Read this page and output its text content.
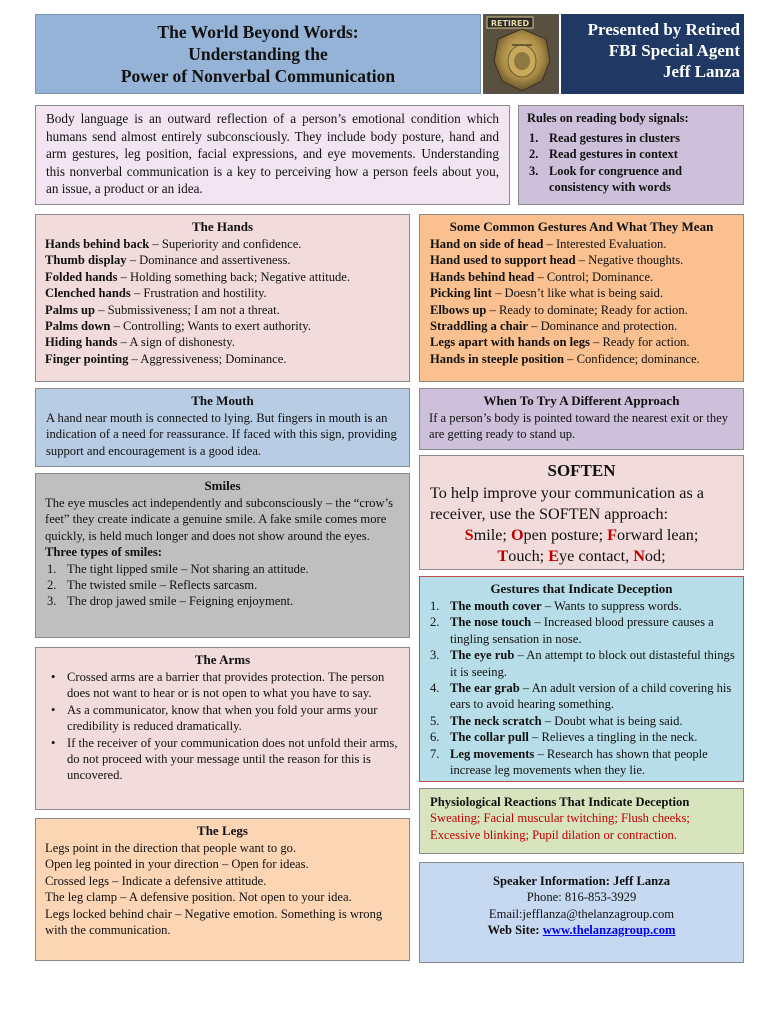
The World Beyond Words:
Understanding the
Power of Nonverbal Communication
RETIRED	Presented by Retired
FBI Special Agent
Jeff Lanza
Body language is an outward reflection of a person’s emotional condition which humans send almost entirely subconsciously. They include body posture, hand and arm gestures, leg position, facial expressions, and eye movements. Understanding this nonverbal communication is a key to perceiving how a person feels about you, an issue, a product or an idea.
Rules on reading body signals:
1. Read gestures in clusters
2. Read gestures in context
3. Look for congruence and consistency with words
The Hands
Hands behind back – Superiority and confidence.
Thumb display – Dominance and assertiveness.
Folded hands – Holding something back; Negative attitude.
Clenched hands – Frustration and hostility.
Palms up – Submissiveness; I am not a threat.
Palms down – Controlling; Wants to exert authority.
Hiding hands – A sign of dishonesty.
Finger pointing – Aggressiveness; Dominance.
Some Common Gestures And What They Mean
Hand on side of head – Interested Evaluation.
Hand used to support head – Negative thoughts.
Hands behind head – Control; Dominance.
Picking lint – Doesn’t like what is being said.
Elbows up – Ready to dominate; Ready for action.
Straddling a chair – Dominance and protection.
Legs apart with hands on legs – Ready for action.
Hands in steeple position – Confidence; dominance.
The Mouth
A hand near mouth is connected to lying. But fingers in mouth is an indication of a need for reassurance. If faced with this sign, providing support and encouragement is a good idea.
When To Try A Different Approach
If a person’s body is pointed toward the nearest exit or they are getting ready to stand up.
Smiles
The eye muscles act independently and subconsciously – the “crow’s feet” they create indicate a genuine smile. A fake smile comes more quickly, is held much longer and does not show around the eyes.
Three types of smiles:
1. The tight lipped smile – Not sharing an attitude.
2. The twisted smile – Reflects sarcasm.
3. The drop jawed smile – Feigning enjoyment.
SOFTEN
To help improve your communication as a receiver, use the SOFTEN approach:
Smile; Open posture; Forward lean;
Touch; Eye contact, Nod;
Gestures that Indicate Deception
1. The mouth cover – Wants to suppress words.
2. The nose touch – Increased blood pressure causes a tingling sensation in nose.
3. The eye rub – An attempt to block out distasteful things it is seeing.
4. The ear grab – An adult version of a child covering his ears to avoid hearing something.
5. The neck scratch – Doubt what is being said.
6. The collar pull – Relieves a tingling in the neck.
7. Leg movements – Research has shown that people increase leg movements when they lie.
The Arms
• Crossed arms are a barrier that provides protection. The person does not want to hear or is not open to what you have to say.
• As a communicator, know that when you fold your arms your credibility is reduced dramatically.
• If the receiver of your communication does not unfold their arms, do not proceed with your message until the reason for this is uncovered.
Physiological Reactions That Indicate Deception
Sweating; Facial muscular twitching; Flush cheeks; Excessive blinking; Pupil dilation or contraction.
The Legs
Legs point in the direction that people want to go.
Open leg pointed in your direction – Open for ideas.
Crossed legs – Indicate a defensive attitude.
The leg clamp – A defensive position. Not open to your idea.
Legs locked behind chair – Negative emotion. Something is wrong with the communication.
Speaker Information: Jeff Lanza
Phone: 816-853-3929
Email:jefflanza@thelanzagroup.com
Web Site: www.thelanzagroup.com
